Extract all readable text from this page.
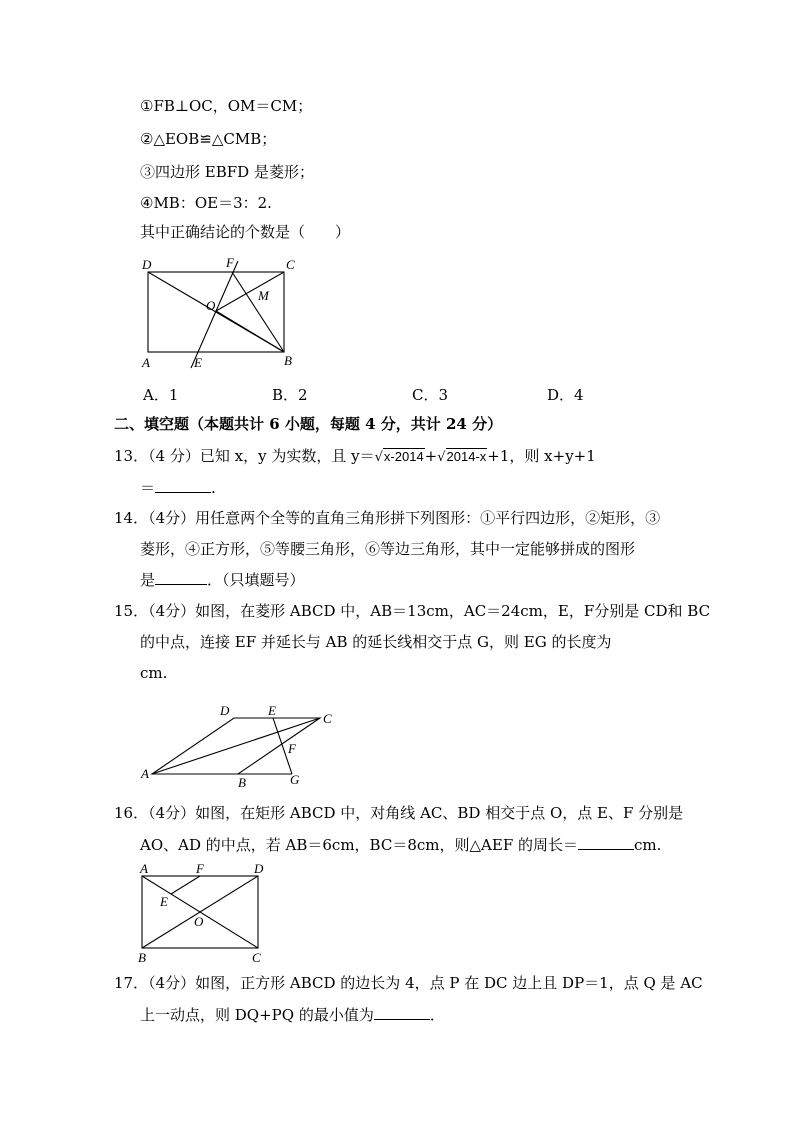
①FB⊥OC，OM＝CM；
②△EOB≌△CMB；
③四边形 EBFD 是菱形；
④MB：OE＝3：2.
其中正确结论的个数是（　　）
D	F	C
O
M
A	E	B
A．1	B．2	C．3	D．4
二、填空题（本题共计 6 小题，每题 4 分，共计 24 分）
13．（4 分）已知 x，y 为实数，且 y＝√x-2014+√2014-x+1，则 x+y+1
＝	.
14．（4分）用任意两个全等的直角三角形拼下列图形：①平行四边形，②矩形，③
菱形，④正方形，⑤等腰三角形，⑥等边三角形，其中一定能够拼成的图形
是	．（只填题号）
15．（4分）如图，在菱形 ABCD 中，AB＝13cm，AC＝24cm，E，F分别是 CD和 BC
的中点，连接 EF 并延长与 AB 的延长线相交于点 G，则 EG 的长度为
cm.
D	E
C
F
A
B	G
16．（4分）如图，在矩形 ABCD 中，对角线 AC、BD 相交于点 O，点 E、F 分别是
AO、AD 的中点，若 AB＝6cm，BC＝8cm，则△AEF 的周长＝	cm.
A	F	D
E
O
B	C
17．（4分）如图，正方形 ABCD 的边长为 4，点 P 在 DC 边上且 DP＝1，点 Q 是 AC
上一动点，则 DQ+PQ 的最小值为	．
